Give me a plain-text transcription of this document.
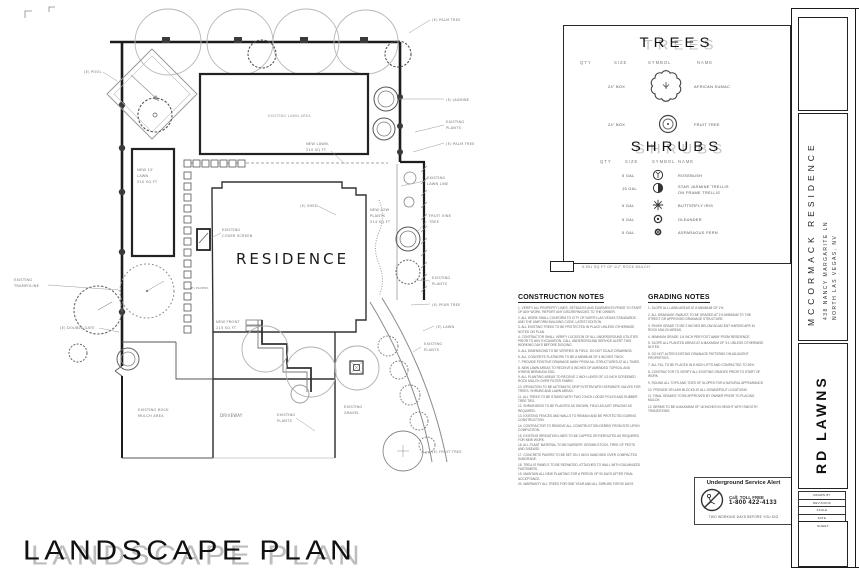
EXISTING LAWN AREA
(E) POOL
(E) PALM TREE
(E) JASMINE
EXISTING
PLANTS
(E) PALM TREE
NEW LAWN,
210 SQ FT
NEW 15'
LAWN
510 SQ FT
EXISTING
LAWN LINE
(E) SHED
EXISTING
COVER SCREEN
NEW LOW
PLANTS
514 SQ FT
FRUIT VINE
TREE
RESIDENCE
EXISTING
TRAMPOLINE	(E) PAVERS
EXISTING
PLANTS
(E) PEAR TREE
(E) DOUBLE GATE
NEW FRONT
215 SQ FT	(E) LAWN
EXISTING
PLANTS
EXISTING ROCK
MULCH AREA	DRIVEWAY	EXISTING
PLANTS
EXISTING
GRAVEL
(E) FRUIT TREE
TREES
QTY	SIZE	SYMBOL	NAME
24" BOX	AFRICAN SUMAC
24" BOX	FRUIT TREE
SHRUBS
QTY	SIZE	SYMBOL NAME
5 GAL	ROSEBUSH
15 GAL	STAR JASMINE TRELLIS
ON FRAME TRELLIS
5 GAL	BUTTERFLY IRIS
5 GAL	OLEANDER
5 GAL	ASPARAGUS FERN
5,551 SQ FT OF 1/2" ROCK MULCH
CONSTRUCTION NOTES
VERIFY ALL PROPERTY LINES, SETBACKS AND EASEMENTS PRIOR TO START OF ANY WORK. REPORT ANY DISCREPANCIES TO THE OWNER.
ALL WORK SHALL CONFORM TO CITY OF NORTH LAS VEGAS STANDARDS AND THE UNIFORM BUILDING CODE, LATEST EDITION.
ALL EXISTING TREES TO BE PROTECTED IN PLACE UNLESS OTHERWISE NOTED ON PLAN.
CONTRACTOR SHALL VERIFY LOCATION OF ALL UNDERGROUND UTILITIES PRIOR TO ANY EXCAVATION. CALL UNDERGROUND SERVICE ALERT TWO WORKING DAYS BEFORE DIGGING.
ALL DIMENSIONS TO BE VERIFIED IN FIELD. DO NOT SCALE DRAWINGS.
ALL CONCRETE FLATWORK TO BE A MINIMUM OF 4 INCHES THICK.
PROVIDE POSITIVE DRAINAGE AWAY FROM ALL STRUCTURES AT ALL TIMES.
NEW LAWN AREAS TO RECEIVE 6 INCHES OF AMENDED TOPSOIL AND HYBRID BERMUDA SOD.
ALL PLANTING AREAS TO RECEIVE 2 INCH LAYER OF 1/2 INCH SCREENED ROCK MULCH OVER FILTER FABRIC.
IRRIGATION TO BE AUTOMATIC DRIP SYSTEM WITH SEPARATE VALVES FOR TREES, SHRUBS AND LAWN AREAS.
ALL TREES TO BE STAKED WITH TWO 2 INCH LODGE POLES AND RUBBER TREE TIES.
SHRUB BEDS TO BE PLANTED AS SHOWN. FIELD ADJUST SPACING AS REQUIRED.
EXISTING FENCES AND WALLS TO REMAIN AND BE PROTECTED DURING CONSTRUCTION.
CONTRACTOR TO REMOVE ALL CONSTRUCTION DEBRIS FROM SITE UPON COMPLETION.
EXISTING IRRIGATION LINES TO BE CAPPED OR REROUTED AS REQUIRED FOR NEW WORK.
ALL PLANT MATERIAL TO BE NURSERY GROWN STOCK, FREE OF PESTS AND DISEASE.
CONCRETE PAVERS TO BE SET ON 1 INCH SAND BED OVER COMPACTED SUBGRADE.
TRELLIS PANELS TO BE REDWOOD, ATTACHED TO WALL WITH GALVANIZED FASTENERS.
MAINTAIN ALL NEW PLANTING FOR A PERIOD OF 90 DAYS AFTER FINAL ACCEPTANCE.
WARRANTY ALL TREES FOR ONE YEAR AND ALL SHRUBS FOR 90 DAYS.
GRADING NOTES
SLOPE ALL LAWN AREAS AT A MINIMUM OF 1%.
ALL DRAINAGE SWALES TO BE GRADED AT 1% MINIMUM TO THE STREET OR APPROVED DRAINAGE STRUCTURE.
FINISH GRADE TO BE 2 INCHES BELOW ADJACENT HARDSCAPE IN ROCK MULCH AREAS.
MINIMUM GRADE: 1/4 INCH PER FOOT AWAY FROM RESIDENCE.
SLOPE ALL PLANTED AREAS AT A MAXIMUM OF 3:1 UNLESS OTHERWISE NOTED.
DO NOT ALTER EXISTING DRAINAGE PATTERNS ON ADJACENT PROPERTIES.
ALL FILL TO BE PLACED IN 8 INCH LIFTS AND COMPACTED TO 90%.
CONTRACTOR TO VERIFY ALL EXISTING GRADES PRIOR TO START OF WORK.
ROUND ALL TOPS AND TOES OF SLOPES FOR A NATURAL APPEARANCE.
PROVIDE SPLASH BLOCKS AT ALL DOWNSPOUT LOCATIONS.
FINAL GRADES TO BE APPROVED BY OWNER PRIOR TO PLACING MULCH.
BERMS TO BE A MAXIMUM OF 18 INCHES IN HEIGHT WITH SMOOTH TRANSITIONS.
Underground Service Alert
Call: TOLL FREE
1-800 422-4133
TWO WORKING DAYS BEFORE YOU DIG
MCCORMACK RESIDENCE 438 NANCY MARGARITE LN NORTH LAS VEGAS, NV
RD LAWNS
DRAWN BY
REVISIONS
SCALE
DATE
SHEET
LANDSCAPE PLAN
